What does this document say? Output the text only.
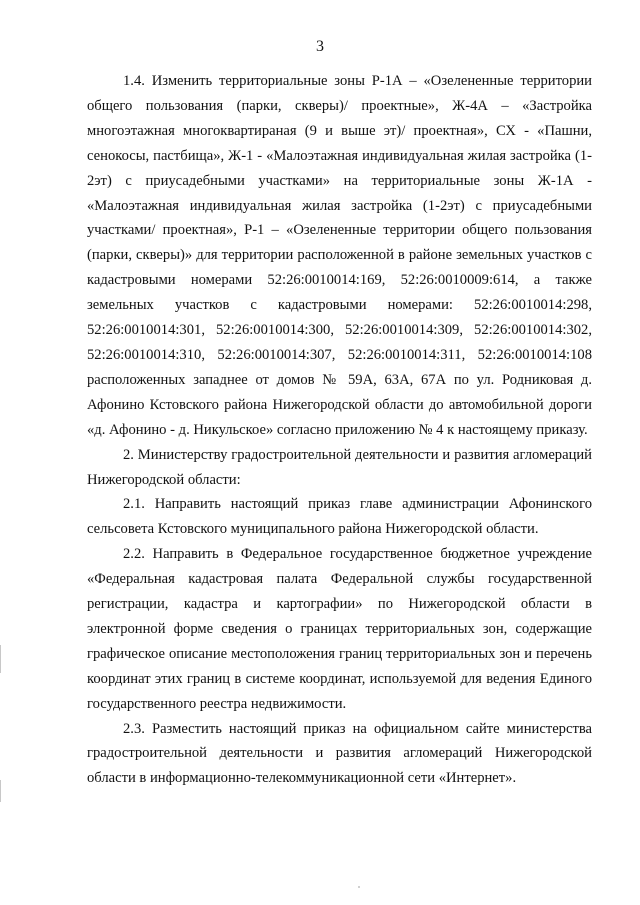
3

1.4. Изменить территориальные зоны Р-1А – «Озелененные территории общего пользования (парки, скверы)/ проектные», Ж-4А – «Застройка многоэтажная многоквартираная (9 и выше эт)/ проектная», СХ - «Пашни, сенокосы, пастбища», Ж-1 - «Малоэтажная индивидуальная жилая застройка (1-2эт) с приусадебными участками» на территориальные зоны Ж-1А - «Малоэтажная индивидуальная жилая застройка (1-2эт) с приусадебными участками/ проектная», Р-1 – «Озелененные территории общего пользования (парки, скверы)» для территории расположенной в районе земельных участков с кадастровыми номерами 52:26:0010014:169, 52:26:0010009:614, а также земельных участков с кадастровыми номерами: 52:26:0010014:298, 52:26:0010014:301, 52:26:0010014:300, 52:26:0010014:309, 52:26:0010014:302, 52:26:0010014:310, 52:26:0010014:307, 52:26:0010014:311, 52:26:0010014:108 расположенных западнее от домов № 59А, 63А, 67А по ул. Родниковая д. Афонино Кстовского района Нижегородской области до автомобильной дороги «д. Афонино - д. Никульское» согласно приложению № 4 к настоящему приказу.

2. Министерству градостроительной деятельности и развития агломераций Нижегородской области:

2.1. Направить настоящий приказ главе администрации Афонинского сельсовета Кстовского муниципального района Нижегородской области.

2.2. Направить в Федеральное государственное бюджетное учреждение «Федеральная кадастровая палата Федеральной службы государственной регистрации, кадастра и картографии» по Нижегородской области в электронной форме сведения о границах территориальных зон, содержащие графическое описание местоположения границ территориальных зон и перечень координат этих границ в системе координат, используемой для ведения Единого государственного реестра недвижимости.

2.3. Разместить настоящий приказ на официальном сайте министерства градостроительной деятельности и развития агломераций Нижегородской области в информационно-телекоммуникационной сети «Интернет».
